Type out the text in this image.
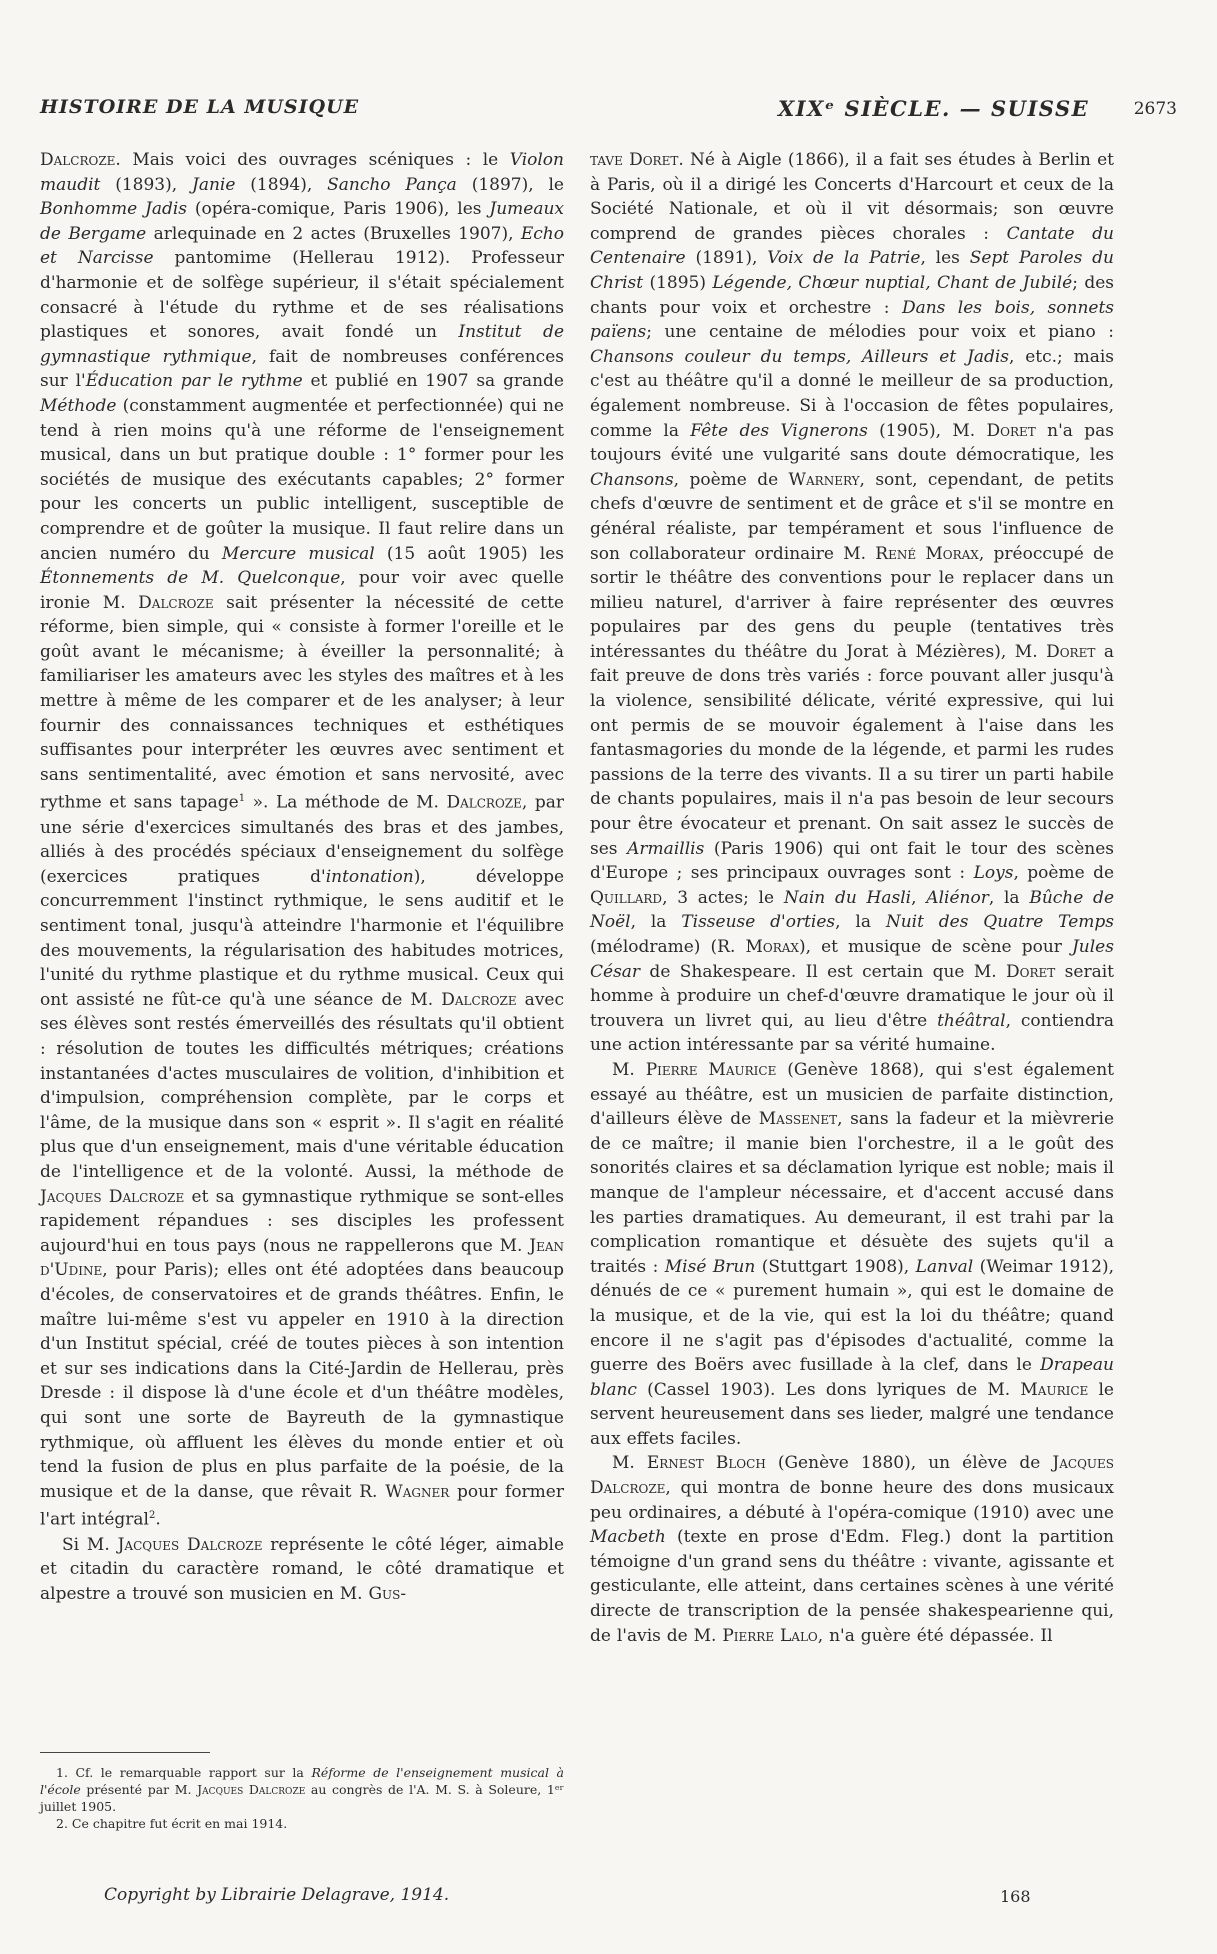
HISTOIRE DE LA MUSIQUE	XIXᵉ SIÈCLE. — SUISSE	2673

Dalcroze. Mais voici des ouvrages scéniques : le Violon maudit (1893), Janie (1894), Sancho Pança (1897), le Bonhomme Jadis (opéra-comique, Paris 1906), les Jumeaux de Bergame arlequinade en 2 actes (Bruxelles 1907), Echo et Narcisse pantomime (Hellerau 1912). Professeur d'harmonie et de solfège supérieur, il s'était spécialement consacré à l'étude du rythme et de ses réalisations plastiques et sonores, avait fondé un Institut de gymnastique rythmique, fait de nombreuses conférences sur l'Éducation par le rythme et publié en 1907 sa grande Méthode (constamment augmentée et perfectionnée) qui ne tend à rien moins qu'à une réforme de l'enseignement musical, dans un but pratique double : 1° former pour les sociétés de musique des exécutants capables; 2° former pour les concerts un public intelligent, susceptible de comprendre et de goûter la musique. Il faut relire dans un ancien numéro du Mercure musical (15 août 1905) les Étonnements de M. Quelconque, pour voir avec quelle ironie M. Dalcroze sait présenter la nécessité de cette réforme, bien simple, qui « consiste à former l'oreille et le goût avant le mécanisme; à éveiller la personnalité; à familiariser les amateurs avec les styles des maîtres et à les mettre à même de les comparer et de les analyser; à leur fournir des connaissances techniques et esthétiques suffisantes pour interpréter les œuvres avec sentiment et sans sentimentalité, avec émotion et sans nervosité, avec rythme et sans tapage$^1$ ». La méthode de M. Dalcroze, par une série d'exercices simultanés des bras et des jambes, alliés à des procédés spéciaux d'enseignement du solfège (exercices pratiques d'intonation), développe concurremment l'instinct rythmique, le sens auditif et le sentiment tonal, jusqu'à atteindre l'harmonie et l'équilibre des mouvements, la régularisation des habitudes motrices, l'unité du rythme plastique et du rythme musical. Ceux qui ont assisté ne fût-ce qu'à une séance de M. Dalcroze avec ses élèves sont restés émerveillés des résultats qu'il obtient : résolution de toutes les difficultés métriques; créations instantanées d'actes musculaires de volition, d'inhibition et d'impulsion, compréhension complète, par le corps et l'âme, de la musique dans son « esprit ». Il s'agit en réalité plus que d'un enseignement, mais d'une véritable éducation de l'intelligence et de la volonté. Aussi, la méthode de Jacques Dalcroze et sa gymnastique rythmique se sont-elles rapidement répandues : ses disciples les professent aujourd'hui en tous pays (nous ne rappellerons que M. Jean d'Udine, pour Paris); elles ont été adoptées dans beaucoup d'écoles, de conservatoires et de grands théâtres. Enfin, le maître lui-même s'est vu appeler en 1910 à la direction d'un Institut spécial, créé de toutes pièces à son intention et sur ses indications dans la Cité-Jardin de Hellerau, près Dresde : il dispose là d'une école et d'un théâtre modèles, qui sont une sorte de Bayreuth de la gymnastique rythmique, où affluent les élèves du monde entier et où tend la fusion de plus en plus parfaite de la poésie, de la musique et de la danse, que rêvait R. Wagner pour former l'art intégral$^2$.

Si M. Jacques Dalcroze représente le côté léger, aimable et citadin du caractère romand, le côté dramatique et alpestre a trouvé son musicien en M. Gus-

tave Doret. Né à Aigle (1866), il a fait ses études à Berlin et à Paris, où il a dirigé les Concerts d'Harcourt et ceux de la Société Nationale, et où il vit désormais; son œuvre comprend de grandes pièces chorales : Cantate du Centenaire (1891), Voix de la Patrie, les Sept Paroles du Christ (1895) Légende, Chœur nuptial, Chant de Jubilé; des chants pour voix et orchestre : Dans les bois, sonnets païens; une centaine de mélodies pour voix et piano : Chansons couleur du temps, Ailleurs et Jadis, etc.; mais c'est au théâtre qu'il a donné le meilleur de sa production, également nombreuse. Si à l'occasion de fêtes populaires, comme la Fête des Vignerons (1905), M. Doret n'a pas toujours évité une vulgarité sans doute démocratique, les Chansons, poème de Warnery, sont, cependant, de petits chefs d'œuvre de sentiment et de grâce et s'il se montre en général réaliste, par tempérament et sous l'influence de son collaborateur ordinaire M. René Morax, préoccupé de sortir le théâtre des conventions pour le replacer dans un milieu naturel, d'arriver à faire représenter des œuvres populaires par des gens du peuple (tentatives très intéressantes du théâtre du Jorat à Mézières), M. Doret a fait preuve de dons très variés : force pouvant aller jusqu'à la violence, sensibilité délicate, vérité expressive, qui lui ont permis de se mouvoir également à l'aise dans les fantasmagories du monde de la légende, et parmi les rudes passions de la terre des vivants. Il a su tirer un parti habile de chants populaires, mais il n'a pas besoin de leur secours pour être évocateur et prenant. On sait assez le succès de ses Armaillis (Paris 1906) qui ont fait le tour des scènes d'Europe ; ses principaux ouvrages sont : Loys, poème de Quillard, 3 actes; le Nain du Hasli, Aliénor, la Bûche de Noël, la Tisseuse d'orties, la Nuit des Quatre Temps (mélodrame) (R. Morax), et musique de scène pour Jules César de Shakespeare. Il est certain que M. Doret serait homme à produire un chef-d'œuvre dramatique le jour où il trouvera un livret qui, au lieu d'être théâtral, contiendra une action intéressante par sa vérité humaine.

M. Pierre Maurice (Genève 1868), qui s'est également essayé au théâtre, est un musicien de parfaite distinction, d'ailleurs élève de Massenet, sans la fadeur et la mièvrerie de ce maître; il manie bien l'orchestre, il a le goût des sonorités claires et sa déclamation lyrique est noble; mais il manque de l'ampleur nécessaire, et d'accent accusé dans les parties dramatiques. Au demeurant, il est trahi par la complication romantique et désuète des sujets qu'il a traités : Misé Brun (Stuttgart 1908), Lanval (Weimar 1912), dénués de ce « purement humain », qui est le domaine de la musique, et de la vie, qui est la loi du théâtre; quand encore il ne s'agit pas d'épisodes d'actualité, comme la guerre des Boërs avec fusillade à la clef, dans le Drapeau blanc (Cassel 1903). Les dons lyriques de M. Maurice le servent heureusement dans ses lieder, malgré une tendance aux effets faciles.

M. Ernest Bloch (Genève 1880), un élève de Jacques Dalcroze, qui montra de bonne heure des dons musicaux peu ordinaires, a débuté à l'opéra-comique (1910) avec une Macbeth (texte en prose d'Edm. Fleg.) dont la partition témoigne d'un grand sens du théâtre : vivante, agissante et gesticulante, elle atteint, dans certaines scènes à une vérité directe de transcription de la pensée shakespearienne qui, de l'avis de M. Pierre Lalo, n'a guère été dépassée. Il

1. Cf. le remarquable rapport sur la Réforme de l'enseignement musical à l'école présenté par M. Jacques Dalcroze au congrès de l'A. M. S. à Soleure, 1ᵉʳ juillet 1905.

2. Ce chapitre fut écrit en mai 1914.

Copyright by Librairie Delagrave, 1914.	168
